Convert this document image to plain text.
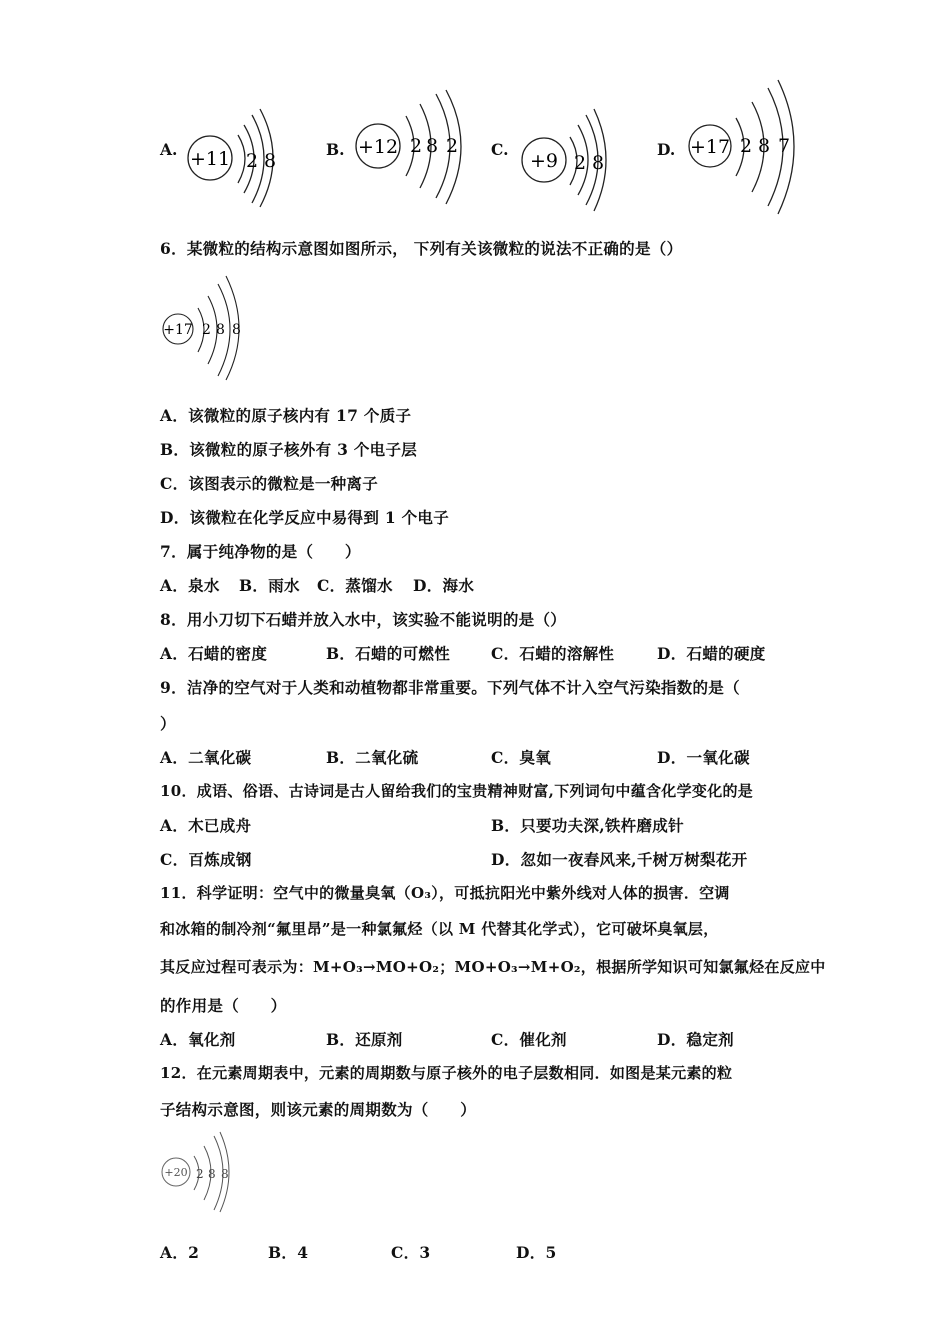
A. +11 2 8
B. +12 2 8 2 C.
+9 2 8
D. +17 2 8 7
6．某微粒的结构示意图如图所示， 下列有关该微粒的说法不正确的是（）
+17 2 8 8
A．该微粒的原子核内有 17 个质子
B．该微粒的原子核外有 3 个电子层
C．该图表示的微粒是一种离子
D．该微粒在化学反应中易得到 1 个电子
7．属于纯净物的是（　　）
A．泉水 B．雨水 C．蒸馏水 D．海水
8．用小刀切下石蜡并放入水中，该实验不能说明的是（）
A．石蜡的密度	B．石蜡的可燃性	C．石蜡的溶解性	D．石蜡的硬度
9．洁净的空气对于人类和动植物都非常重要。下列气体不计入空气污染指数的是（
）
A．二氧化碳	B．二氧化硫	C．臭氧	D．一氧化碳
10．成语、俗语、古诗词是古人留给我们的宝贵精神财富,下列词句中蕴含化学变化的是
A．木已成舟	B．只要功夫深,铁杵磨成针
C．百炼成钢	D．忽如一夜春风来,千树万树梨花开
11．科学证明：空气中的微量臭氧（O₃），可抵抗阳光中紫外线对人体的损害．空调
和冰箱的制冷剂“氟里昂”是一种氯氟烃（以 M 代替其化学式），它可破坏臭氧层，
其反应过程可表示为：M+O₃→MO+O₂；MO+O₃→M+O₂，根据所学知识可知氯氟烃在反应中
的作用是（　　）
A．氧化剂	B．还原剂	C．催化剂	D．稳定剂
12．在元素周期表中，元素的周期数与原子核外的电子层数相同．如图是某元素的粒
子结构示意图，则该元素的周期数为（　　）
+20 2 8 8
A．2	B．4	C．3	D．5
